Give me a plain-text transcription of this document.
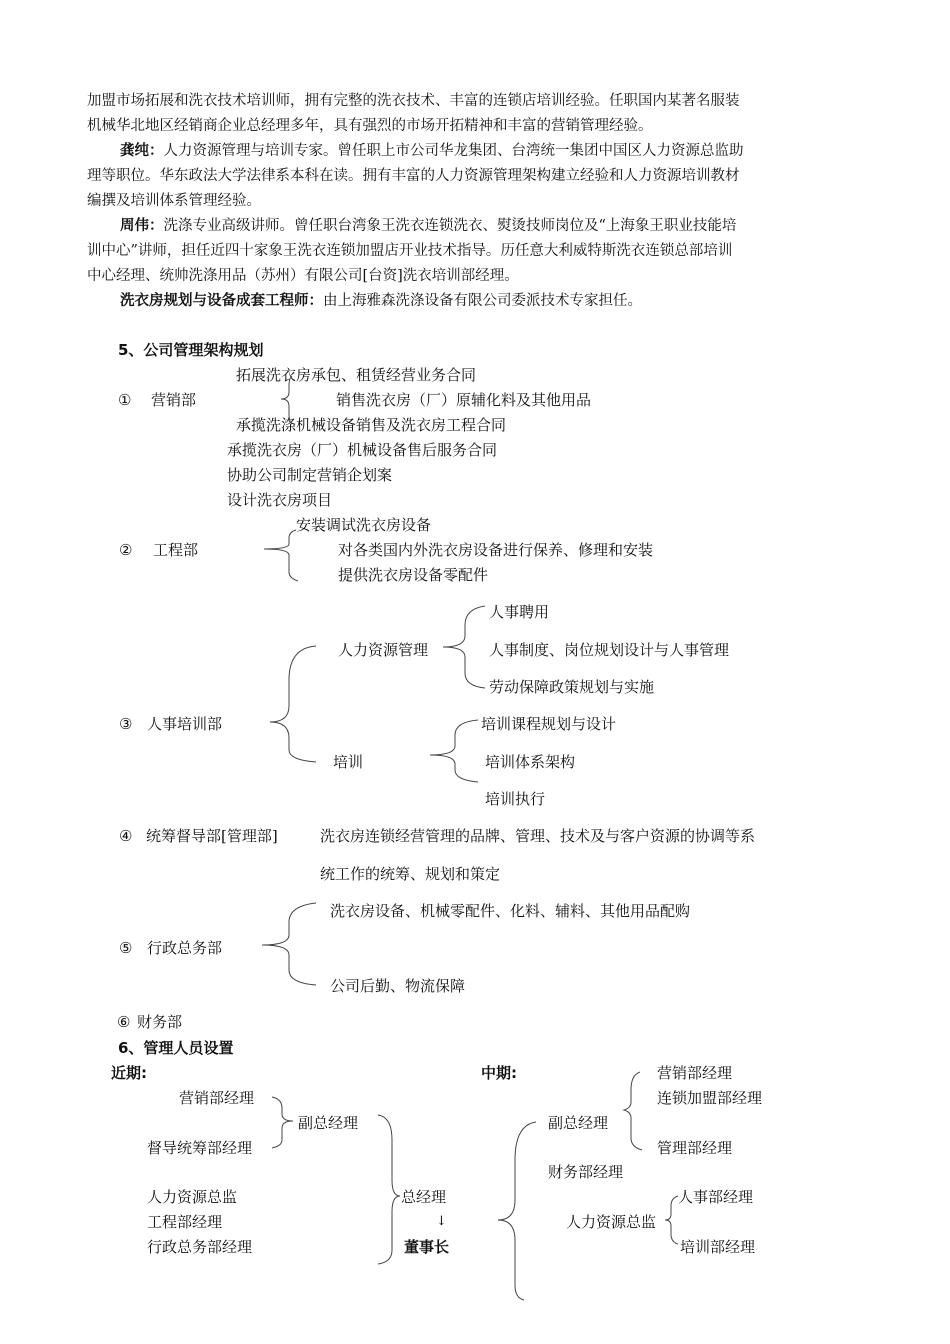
加盟市场拓展和洗衣技术培训师，拥有完整的洗衣技术、丰富的连锁店培训经验。任职国内某著名服装
机械华北地区经销商企业总经理多年，具有强烈的市场开拓精神和丰富的营销管理经验。
龚纯：人力资源管理与培训专家。曾任职上市公司华龙集团、台湾统一集团中国区人力资源总监助
理等职位。华东政法大学法律系本科在读。拥有丰富的人力资源管理架构建立经验和人力资源培训教材
编撰及培训体系管理经验。
周伟：洗涤专业高级讲师。曾任职台湾象王洗衣连锁洗衣、熨烫技师岗位及“上海象王职业技能培
训中心”讲师，担任近四十家象王洗衣连锁加盟店开业技术指导。历任意大利威特斯洗衣连锁总部培训
中心经理、统帅洗涤用品（苏州）有限公司[台资]洗衣培训部经理。
洗衣房规划与设备成套工程师：由上海雅森洗涤设备有限公司委派技术专家担任。
5、公司管理架构规划
拓展洗衣房承包、租赁经营业务合同
① 营销部	销售洗衣房（厂）原辅化料及其他用品
承揽洗涤机械设备销售及洗衣房工程合同
承揽洗衣房（厂）机械设备售后服务合同
协助公司制定营销企划案
设计洗衣房项目
安装调试洗衣房设备
② 工程部	对各类国内外洗衣房设备进行保养、修理和安装
提供洗衣房设备零配件
人事聘用
人力资源管理	人事制度、岗位规划设计与人事管理
劳动保障政策规划与实施
③ 人事培训部	培训课程规划与设计
培训	培训体系架构
培训执行
④ 统筹督导部[管理部]	洗衣房连锁经营管理的品牌、管理、技术及与客户资源的协调等系
统工作的统筹、规划和策定
洗衣房设备、机械零配件、化料、辅料、其他用品配购
⑤ 行政总务部
公司后勤、物流保障
⑥ 财务部
6、管理人员设置
近期:
营销部经理
副总经理
督导统筹部经理
人力资源总监	总经理
工程部经理	↓
行政总务部经理	董事长
中期:	营销部经理
连锁加盟部经理
副总经理
管理部经理
财务部经理
人事部经理
人力资源总监
培训部经理
